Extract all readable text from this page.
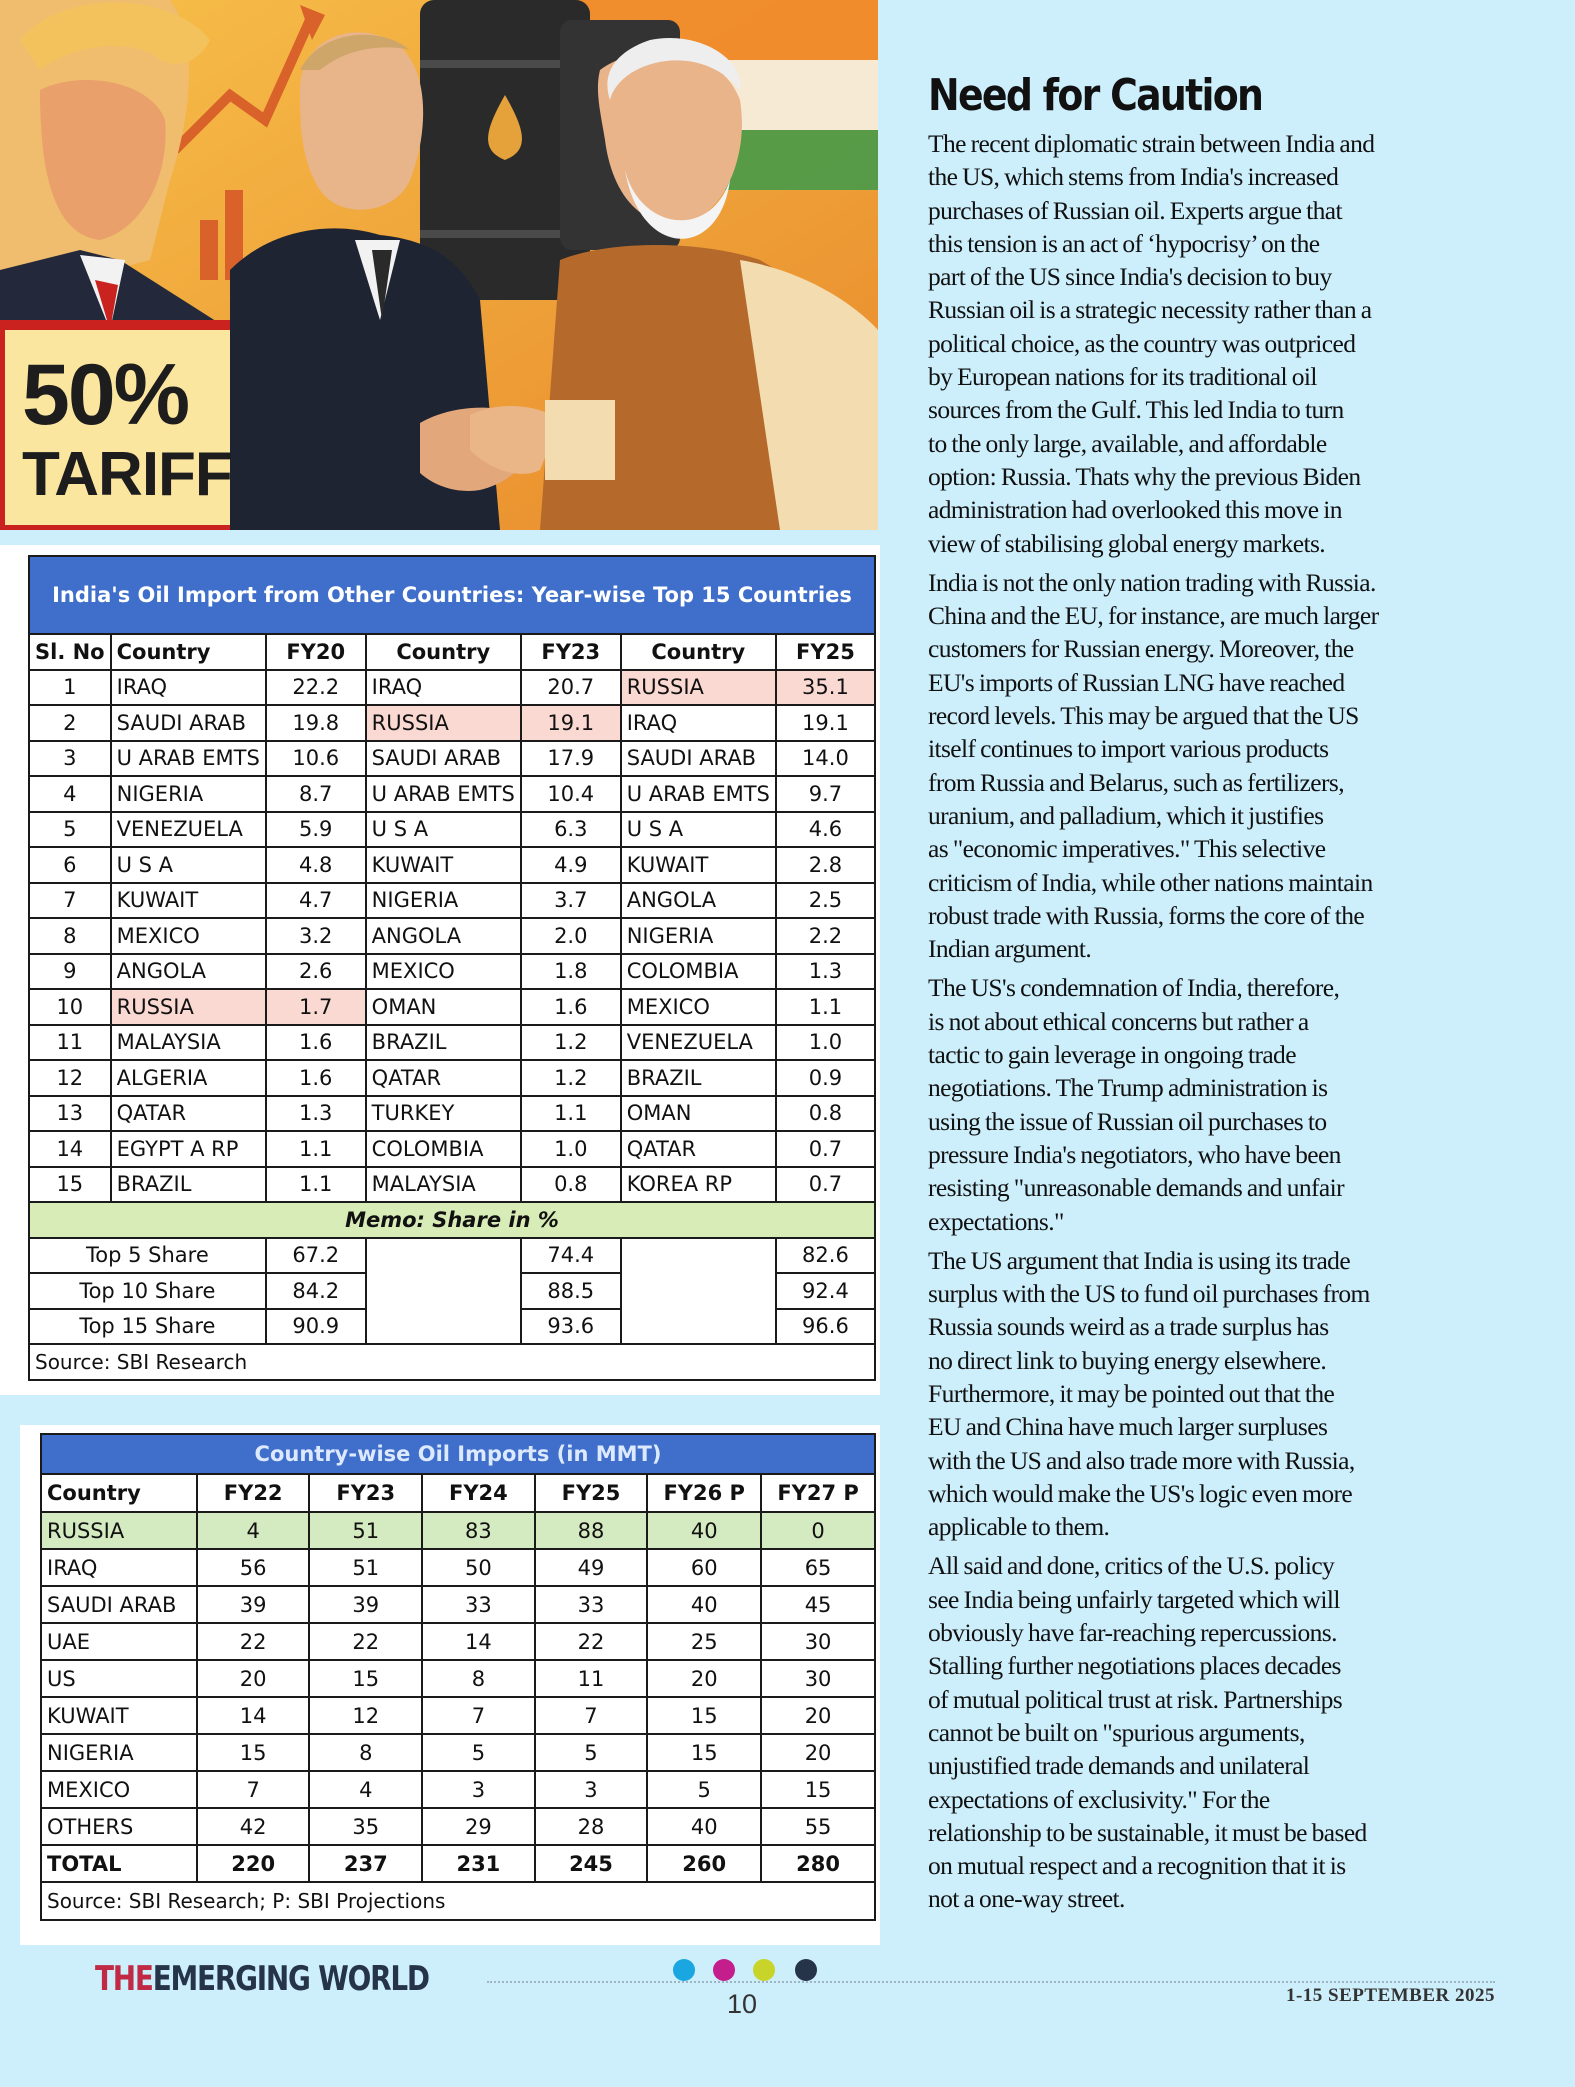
50%
TARIFF
India's Oil Import from Other Countries: Year-wise Top 15 Countries						
Sl. No	Country	FY20	Country	FY23	Country	FY25
1	IRAQ	22.2	IRAQ	20.7	RUSSIA	35.1
2	SAUDI ARAB	19.8	RUSSIA	19.1	IRAQ	19.1
3	U ARAB EMTS	10.6	SAUDI ARAB	17.9	SAUDI ARAB	14.0
4	NIGERIA	8.7	U ARAB EMTS	10.4	U ARAB EMTS	9.7
5	VENEZUELA	5.9	U S A	6.3	U S A	4.6
6	U S A	4.8	KUWAIT	4.9	KUWAIT	2.8
7	KUWAIT	4.7	NIGERIA	3.7	ANGOLA	2.5
8	MEXICO	3.2	ANGOLA	2.0	NIGERIA	2.2
9	ANGOLA	2.6	MEXICO	1.8	COLOMBIA	1.3
10	RUSSIA	1.7	OMAN	1.6	MEXICO	1.1
11	MALAYSIA	1.6	BRAZIL	1.2	VENEZUELA	1.0
12	ALGERIA	1.6	QATAR	1.2	BRAZIL	0.9
13	QATAR	1.3	TURKEY	1.1	OMAN	0.8
14	EGYPT A RP	1.1	COLOMBIA	1.0	QATAR	0.7
15	BRAZIL	1.1	MALAYSIA	0.8	KOREA RP	0.7
Memo: Share in %						
Top 5 Share		67.2		74.4		82.6
Top 10 Share		84.2		88.5		92.4
Top 15 Share		90.9		93.6		96.6
Source: SBI Research						
Country-wise Oil Imports (in MMT)						
Country	FY22	FY23	FY24	FY25	FY26 P	FY27 P
RUSSIA	4	51	83	88	40	0
IRAQ	56	51	50	49	60	65
SAUDI ARAB	39	39	33	33	40	45
UAE	22	22	14	22	25	30
US	20	15	8	11	20	30
KUWAIT	14	12	7	7	15	20
NIGERIA	15	8	5	5	15	20
MEXICO	7	4	3	3	5	15
OTHERS	42	35	29	28	40	55
TOTAL	220	237	231	245	260	280
Source: SBI Research; P: SBI Projections						
Need for Caution
The recent diplomatic strain between India and
the US, which stems from India's increased
purchases of Russian oil. Experts argue that
this tension is an act of ‘hypocrisy’ on the
part of the US since India's decision to buy
Russian oil is a strategic necessity rather than a
political choice, as the country was outpriced
by European nations for its traditional oil
sources from the Gulf. This led India to turn
to the only large, available, and affordable
option: Russia. Thats why the previous Biden
administration had overlooked this move in
view of stabilising global energy markets.
India is not the only nation trading with Russia.
China and the EU, for instance, are much larger
customers for Russian energy. Moreover, the
EU's imports of Russian LNG have reached
record levels. This may be argued that the US
itself continues to import various products
from Russia and Belarus, such as fertilizers,
uranium, and palladium, which it justifies
as "economic imperatives." This selective
criticism of India, while other nations maintain
robust trade with Russia, forms the core of the
Indian argument.
The US's condemnation of India, therefore,
is not about ethical concerns but rather a
tactic to gain leverage in ongoing trade
negotiations. The Trump administration is
using the issue of Russian oil purchases to
pressure India's negotiators, who have been
resisting "unreasonable demands and unfair
expectations."
The US argument that India is using its trade
surplus with the US to fund oil purchases from
Russia sounds weird as a trade surplus has
no direct link to buying energy elsewhere.
Furthermore, it may be pointed out that the
EU and China have much larger surpluses
with the US and also trade more with Russia,
which would make the US's logic even more
applicable to them.
All said and done, critics of the U.S. policy
see India being unfairly targeted which will
obviously have far-reaching repercussions.
Stalling further negotiations places decades
of mutual political trust at risk. Partnerships
cannot be built on "spurious arguments,
unjustified trade demands and unilateral
expectations of exclusivity." For the
relationship to be sustainable, it must be based
on mutual respect and a recognition that it is
not a one-way street.
THEEMERGING WORLD
10	1-15 SEPTEMBER 2025
